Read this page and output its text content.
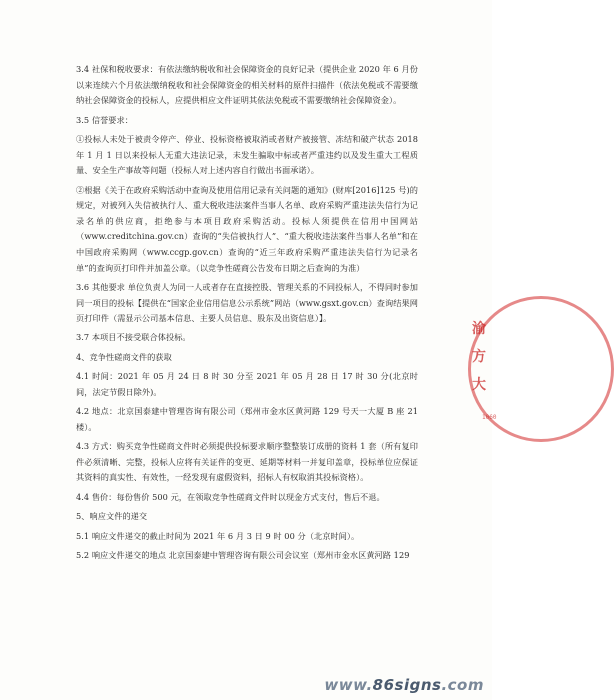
3.4 社保和税收要求：有依法缴纳税收和社会保障资金的良好记录（提供企业 2020 年 6 月份以来连续六个月依法缴纳税收和社会保障资金的相关材料的原件扫描件（依法免税或不需要缴纳社会保障资金的投标人，应提供相应文件证明其依法免税或不需要缴纳社会保障资金）。

3.5 信誉要求：

①投标人未处于被责令停产、停业、投标资格被取消或者财产被接管、冻结和破产状态 2018 年 1 月 1 日以来投标人无重大违法记录，未发生骗取中标或者严重违约以及发生重大工程质量、安全生产事故等问题（投标人对上述内容自行做出书面承诺）。

②根据《关于在政府采购活动中查询及使用信用记录有关问题的通知》(财库[2016]125 号)的规定，对被列入失信被执行人、重大税收违法案件当事人名单、政府采购严重违法失信行为记录名单的供应商，拒绝参与本项目政府采购活动。投标人须提供在信用中国网站（www.creditchina.gov.cn）查询的“失信被执行人”、“重大税收违法案件当事人名单”和在中国政府采购网（www.ccgp.gov.cn）查询的“近三年政府采购严重违法失信行为记录名单”的查询页打印件并加盖公章。（以竞争性磋商公告发布日期之后查询的为准）

3.6 其他要求 单位负责人为同一人或者存在直接控股、管理关系的不同投标人，不得同时参加同一项目的投标【提供在“国家企业信用信息公示系统”网站（www.gsxt.gov.cn）查询结果网页打印件（需显示公司基本信息、主要人员信息、股东及出资信息）】。

3.7 本项目不接受联合体投标。

4、竞争性磋商文件的获取

4.1 时间：2021 年 05 月 24 日 8 时 30 分至 2021 年 05 月 28 日 17 时 30 分(北京时间，法定节假日除外)。

4.2 地点：北京国泰建中管理咨询有限公司（郑州市金水区黄河路 129 号天一大厦 B 座 21 楼）。

4.3 方式：购买竞争性磋商文件时必须提供投标要求顺序整整装订成册的资料 1 套（所有复印件必须清晰、完整，投标人应将有关证件的变更、延期等材料一并复印盖章，投标单位应保证其资料的真实性、有效性，一经发现有虚假资料，招标人有权取消其投标资格）。

4.4 售价：每份售价 500 元，在领取竞争性磋商文件时以现金方式支付，售后不退。

5、响应文件的递交

5.1 响应文件递交的截止时间为 2021 年 6 月 3 日 9 时 00 分（北京时间）。

5.2 响应文件递交的地点 北京国泰建中管理咨询有限公司会议室（郑州市金水区黄河路 129

渝
方
大
1060
www.86signs.com
